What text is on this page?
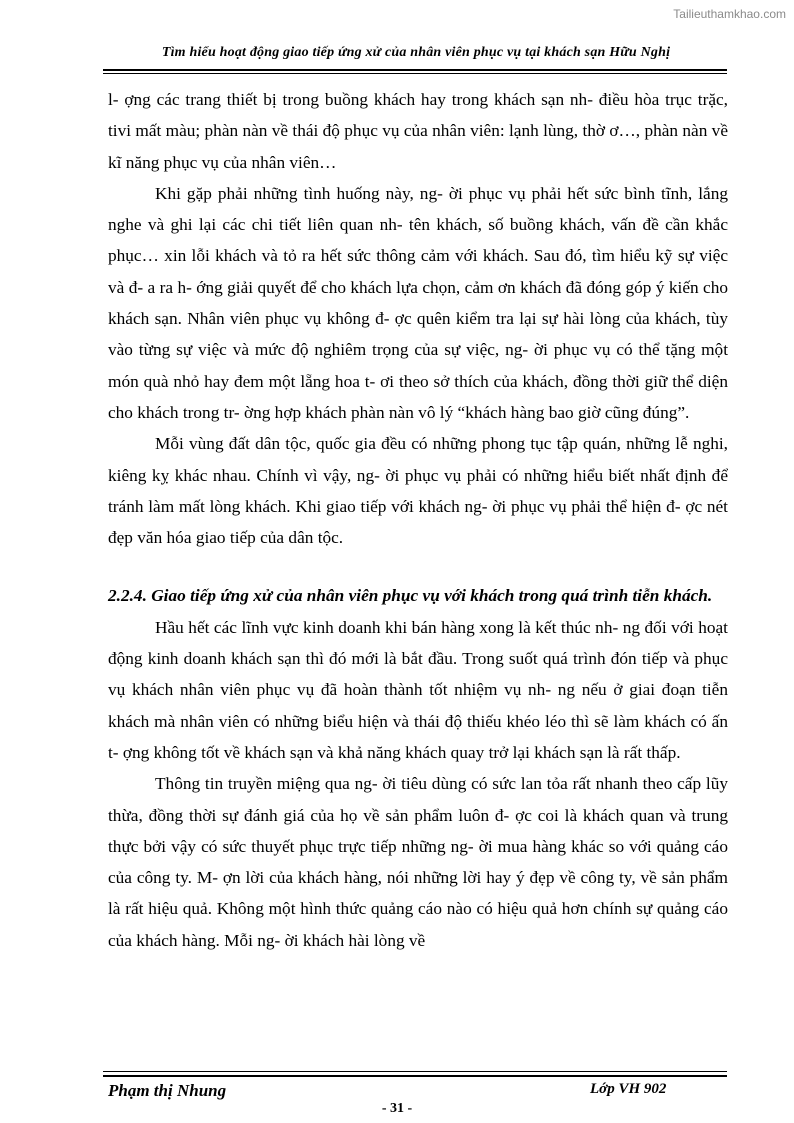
Tailieuthamkhao.com
Tìm hiểu hoạt động giao tiếp ứng xử của nhân viên phục vụ tại khách sạn Hữu Nghị

l- ợng các trang thiết bị trong buồng khách hay trong khách sạn nh- điều hòa trục trặc, tivi mất màu; phàn nàn về thái độ phục vụ của nhân viên: lạnh lùng, thờ ơ…, phàn nàn về kĩ năng phục vụ của nhân viên…

Khi gặp phải những tình huống này, ng- ời phục vụ phải hết sức bình tĩnh, lắng nghe và ghi lại các chi tiết liên quan nh- tên khách, số buồng khách, vấn đề cần khắc phục… xin lỗi khách và tỏ ra hết sức thông cảm với khách. Sau đó, tìm hiểu kỹ sự việc và đ- a ra h- ớng giải quyết để cho khách lựa chọn, cảm ơn khách đã đóng góp ý kiến cho khách sạn. Nhân viên phục vụ không đ- ợc quên kiểm tra lại sự hài lòng của khách, tùy vào từng sự việc và mức độ nghiêm trọng của sự việc, ng- ời phục vụ có thể tặng một món quà nhỏ hay đem một lẵng hoa t- ơi theo sở thích của khách, đồng thời giữ thể diện cho khách trong tr- ờng hợp khách phàn nàn vô lý “khách hàng bao giờ cũng đúng”.

Mỗi vùng đất dân tộc, quốc gia đều có những phong tục tập quán, những lễ nghi, kiêng kỵ khác nhau. Chính vì vậy, ng- ời phục vụ phải có những hiểu biết nhất định để tránh làm mất lòng khách. Khi giao tiếp với khách ng- ời phục vụ phải thể hiện đ- ợc nét đẹp văn hóa giao tiếp của dân tộc.

2.2.4. Giao tiếp ứng xử của nhân viên phục vụ với khách trong quá trình tiễn khách.

Hầu hết các lĩnh vực kinh doanh khi bán hàng xong là kết thúc nh- ng đối với hoạt động kinh doanh khách sạn thì đó mới là bắt đầu. Trong suốt quá trình đón tiếp và phục vụ khách nhân viên phục vụ đã hoàn thành tốt nhiệm vụ nh- ng nếu ở giai đoạn tiễn khách mà nhân viên có những biểu hiện và thái độ thiếu khéo léo thì sẽ làm khách có ấn t- ợng không tốt về khách sạn và khả năng khách quay trở lại khách sạn là rất thấp.

Thông tin truyền miệng qua ng- ời tiêu dùng có sức lan tỏa rất nhanh theo cấp lũy thừa, đồng thời sự đánh giá của họ về sản phẩm luôn đ- ợc coi là khách quan và trung thực bởi vậy có sức thuyết phục trực tiếp những ng- ời mua hàng khác so với quảng cáo của công ty. M- ợn lời của khách hàng, nói những lời hay ý đẹp về công ty, về sản phẩm là rất hiệu quả. Không một hình thức quảng cáo nào có hiệu quả hơn chính sự quảng cáo của khách hàng. Mỗi ng- ời khách hài lòng về

Phạm thị Nhung	Lớp VH 902
- 31 -
